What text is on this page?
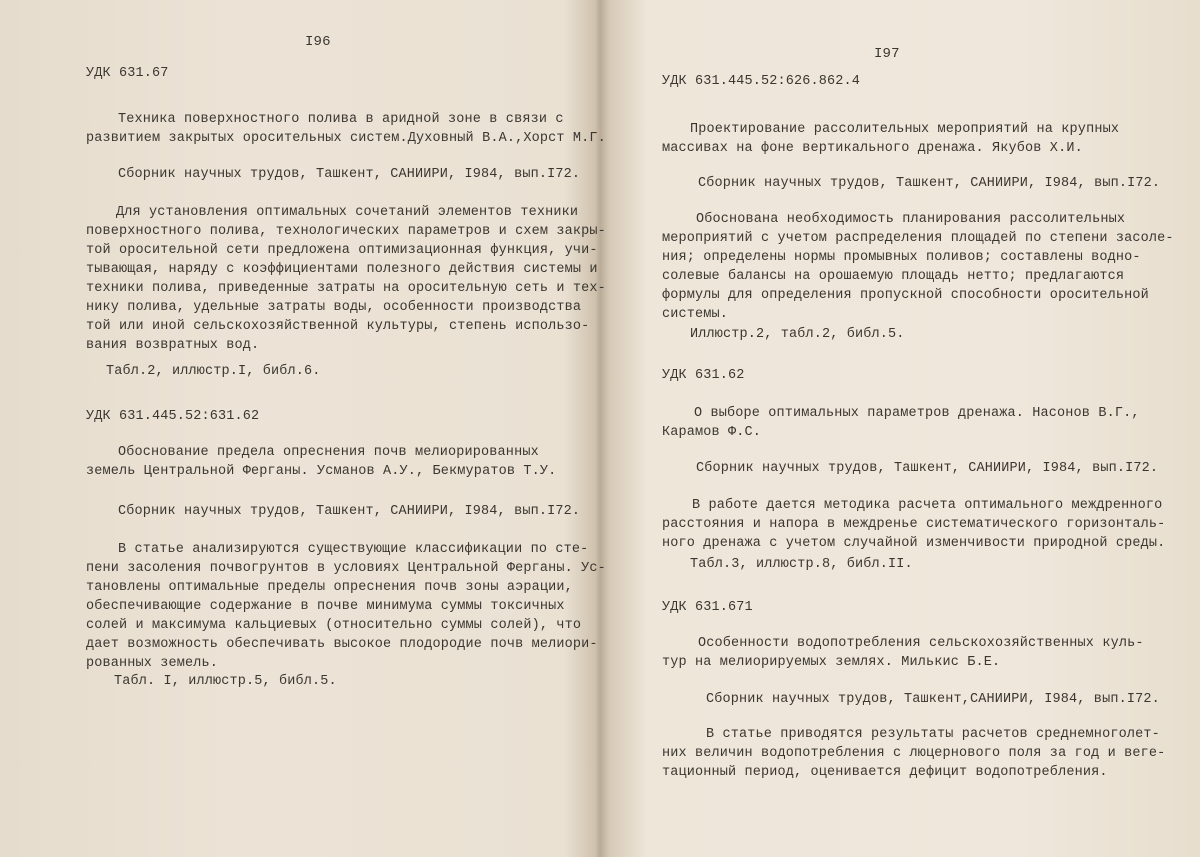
I96

УДК 631.67

Техника поверхностного полива в аридной зоне в связи с
развитием закрытых оросительных систем.Духовный В.А.,Хорст М.Г.

Сборник научных трудов, Ташкент, САНИИРИ, I984, вып.I72.

Для установления оптимальных сочетаний элементов техники
поверхностного полива, технологических параметров и схем закры-
той оросительной сети предложена оптимизационная функция, учи-
тывающая, наряду с коэффициентами полезного действия системы и
техники полива, приведенные затраты на оросительную сеть и тех-
нику полива, удельные затраты воды, особенности производства
той или иной сельскохозяйственной культуры, степень использо-
вания возвратных вод.

Табл.2, иллюстр.I, библ.6.

УДК 631.445.52:631.62

Обоснование предела опреснения почв мелиорированных
земель Центральной Ферганы. Усманов А.У., Бекмуратов Т.У.

Сборник научных трудов, Ташкент, САНИИРИ, I984, вып.I72.

В статье анализируются существующие классификации по сте-
пени засоления почвогрунтов в условиях Центральной Ферганы. Ус-
тановлены оптимальные пределы опреснения почв зоны аэрации,
обеспечивающие содержание в почве минимума суммы токсичных
солей и максимума кальциевых (относительно суммы солей), что
дает возможность обеспечивать высокое плодородие почв мелиори-
рованных земель.

Табл. I, иллюстр.5, библ.5.

I97

УДК 631.445.52:626.862.4

Проектирование рассолительных мероприятий на крупных
массивах на фоне вертикального дренажа. Якубов Х.И.

Сборник научных трудов, Ташкент, САНИИРИ, I984, вып.I72.

Обоснована необходимость планирования рассолительных
мероприятий с учетом распределения площадей по степени засоле-
ния; определены нормы промывных поливов; составлены водно-
солевые балансы на орошаемую площадь нетто; предлагаются
формулы для определения пропускной способности оросительной
системы.

Иллюстр.2, табл.2, библ.5.

УДК 631.62

О выборе оптимальных параметров дренажа. Насонов В.Г.,
Карамов Ф.С.

Сборник научных трудов, Ташкент, САНИИРИ, I984, вып.I72.

В работе дается методика расчета оптимального междренного
расстояния и напора в междренье систематического горизонталь-
ного дренажа с учетом случайной изменчивости природной среды.

Табл.3, иллюстр.8, библ.II.

УДК 631.671

Особенности водопотребления сельскохозяйственных куль-
тур на мелиорируемых землях. Милькис Б.Е.

Сборник научных трудов, Ташкент,САНИИРИ, I984, вып.I72.

В статье приводятся результаты расчетов среднемноголет-
них величин водопотребления с люцернового поля за год и веге-
тационный период, оценивается дефицит водопотребления.
